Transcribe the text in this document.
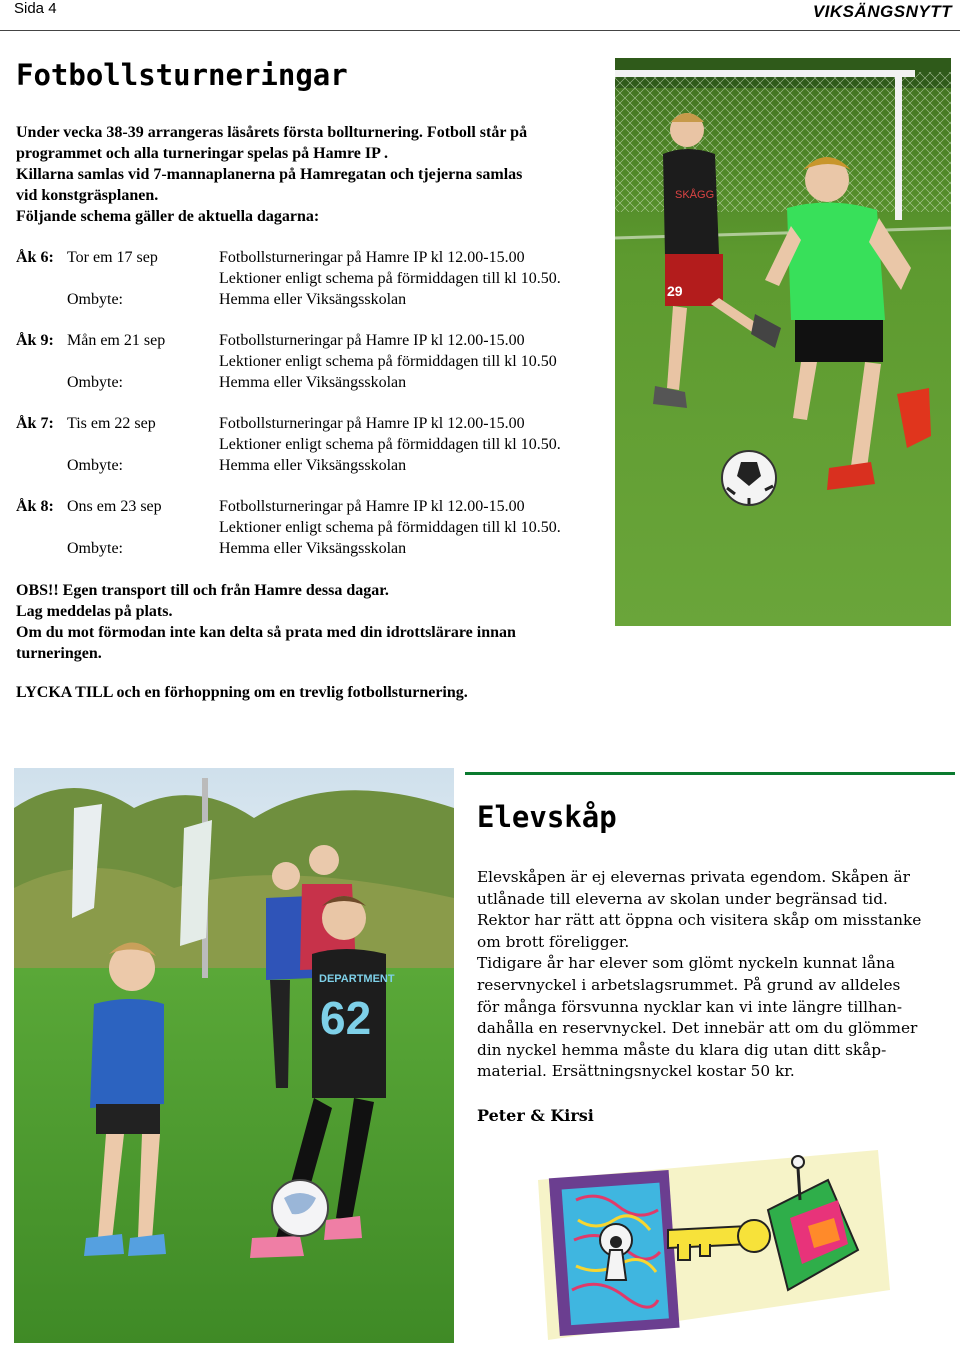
Sida 4	VIKSÄNGSNYTT
Fotbollsturneringar
Under vecka 38-39 arrangeras läsårets första bollturnering. Fotboll står på
programmet och alla turneringar spelas på Hamre IP .
Killarna samlas vid 7-mannaplanerna på Hamregatan och tjejerna samlas
vid konstgräsplanen.
Följande schema gäller de aktuella dagarna:
Åk 6: Tor em 17 sep	Fotbollsturneringar på Hamre IP kl 12.00-15.00
Lektioner enligt schema på förmiddagen till kl 10.50.
Ombyte:	Hemma eller Viksängsskolan
Åk 9: Mån em 21 sep	Fotbollsturneringar på Hamre IP kl 12.00-15.00
Lektioner enligt schema på förmiddagen till kl 10.50
Ombyte:	Hemma eller Viksängsskolan
Åk 7: Tis em 22 sep	Fotbollsturneringar på Hamre IP kl 12.00-15.00
Lektioner enligt schema på förmiddagen till kl 10.50.
Ombyte:	Hemma eller Viksängsskolan
Åk 8: Ons em 23 sep	Fotbollsturneringar på Hamre IP kl 12.00-15.00
Lektioner enligt schema på förmiddagen till kl 10.50.
Ombyte:	Hemma eller Viksängsskolan
OBS!! Egen transport till och från Hamre dessa dagar.
Lag meddelas på plats.
Om du mot förmodan inte kan delta så prata med din idrottslärare innan
turneringen.
LYCKA TILL och en förhoppning om en trevlig fotbollsturnering.
SKÅGG
29
DEPARTMENT
62
Elevskåp
Elevskåpen är ej elevernas privata egendom. Skåpen är
utlånade till eleverna av skolan under begränsad tid.
Rektor har rätt att öppna och visitera skåp om misstanke
om brott föreligger.
Tidigare år har elever som glömt nyckeln kunnat låna
reservnyckel i arbetslagsrummet. På grund av alldeles
för många försvunna nycklar kan vi inte längre tillhan-
dahålla en reservnyckel. Det innebär att om du glömmer
din nyckel hemma måste du klara dig utan ditt skåp-
material. Ersättningsnyckel kostar 50 kr.
Peter & Kirsi
